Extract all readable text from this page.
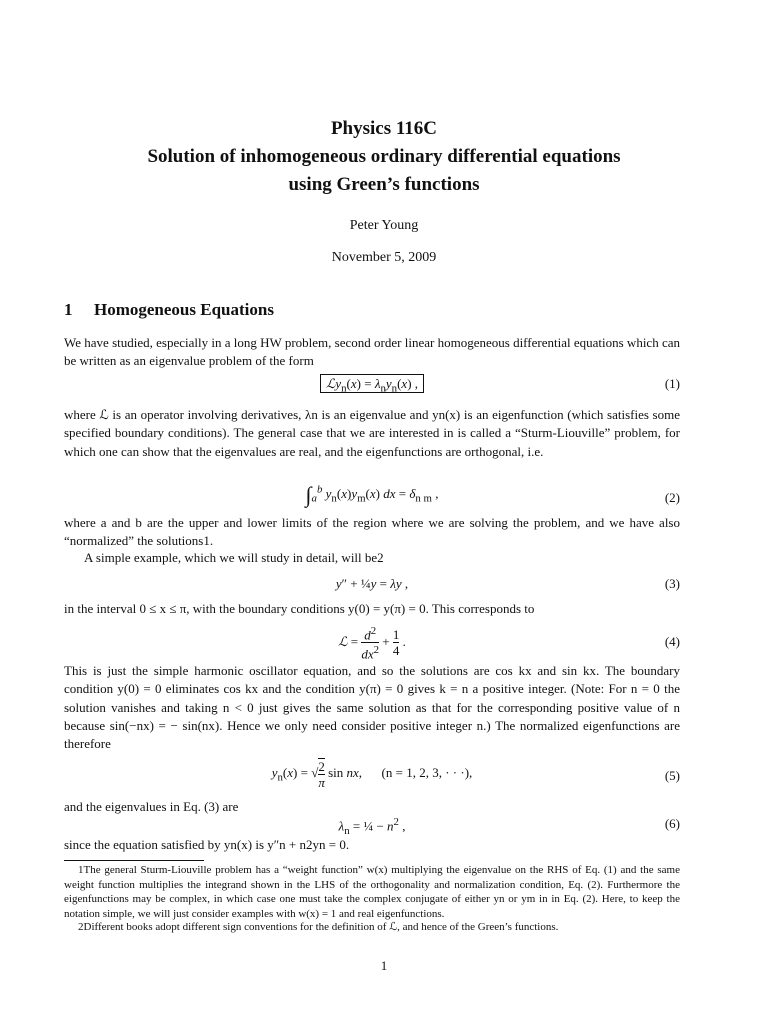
Physics 116C
Solution of inhomogeneous ordinary differential equations
using Green’s functions
Peter Young
November 5, 2009
1 Homogeneous Equations
We have studied, especially in a long HW problem, second order linear homogeneous differential equations which can be written as an eigenvalue problem of the form
ℒy$_n$(x) = $\lambda_ny_n(x)$ ,	(1)
where ℒ is an operator involving derivatives, λn is an eigenvalue and yn(x) is an eigenfunction (which satisfies some specified boundary conditions). The general case that we are interested in is called a “Sturm-Liouville” problem, for which one can show that the eigenvalues are real, and the eigenfunctions are orthogonal, i.e.
$\int_a^b$ $y_n(x)y_m(x)$ dx = $\delta_{n m}$ ,	(2)
where a and b are the upper and lower limits of the region where we are solving the problem, and we have also “normalized” the solutions1.
A simple example, which we will study in detail, will be2
y″ + ¼y = λy ,	(3)
in the interval 0 ≤ x ≤ π, with the boundary conditions y(0) = y(π) = 0. This corresponds to
ℒ = $\frac{d^2}{dx^2} + \frac{1}{4}$ .	(4)
This is just the simple harmonic oscillator equation, and so the solutions are cos kx and sin kx. The boundary condition y(0) = 0 eliminates cos kx and the condition y(π) = 0 gives k = n a positive integer. (Note: For n = 0 the solution vanishes and taking n < 0 just gives the same solution as that for the corresponding positive value of n because sin(−nx) = − sin(nx). Hence we only need consider positive integer n.) The normalized eigenfunctions are therefore
$y_n(x)$ = √ $\frac{2}{\pi}$ sin nx,      (n = 1, 2, 3, · · ·),	(5)
and the eigenvalues in Eq. (3) are
$\lambda_n$ = ¼ − $n^2$ ,	(6)
since the equation satisfied by yn(x) is y″n + n2yn = 0.
1The general Sturm-Liouville problem has a “weight function” w(x) multiplying the eigenvalue on the RHS of Eq. (1) and the same weight function multiplies the integrand shown in the LHS of the orthogonality and normalization condition, Eq. (2). Furthermore the eigenfunctions may be complex, in which case one must take the complex conjugate of either yn or ym in in Eq. (2). Here, to keep the notation simple, we will just consider examples with w(x) = 1 and real eigenfunctions.
2Different books adopt different sign conventions for the definition of ℒ, and hence of the Green’s functions.
1
